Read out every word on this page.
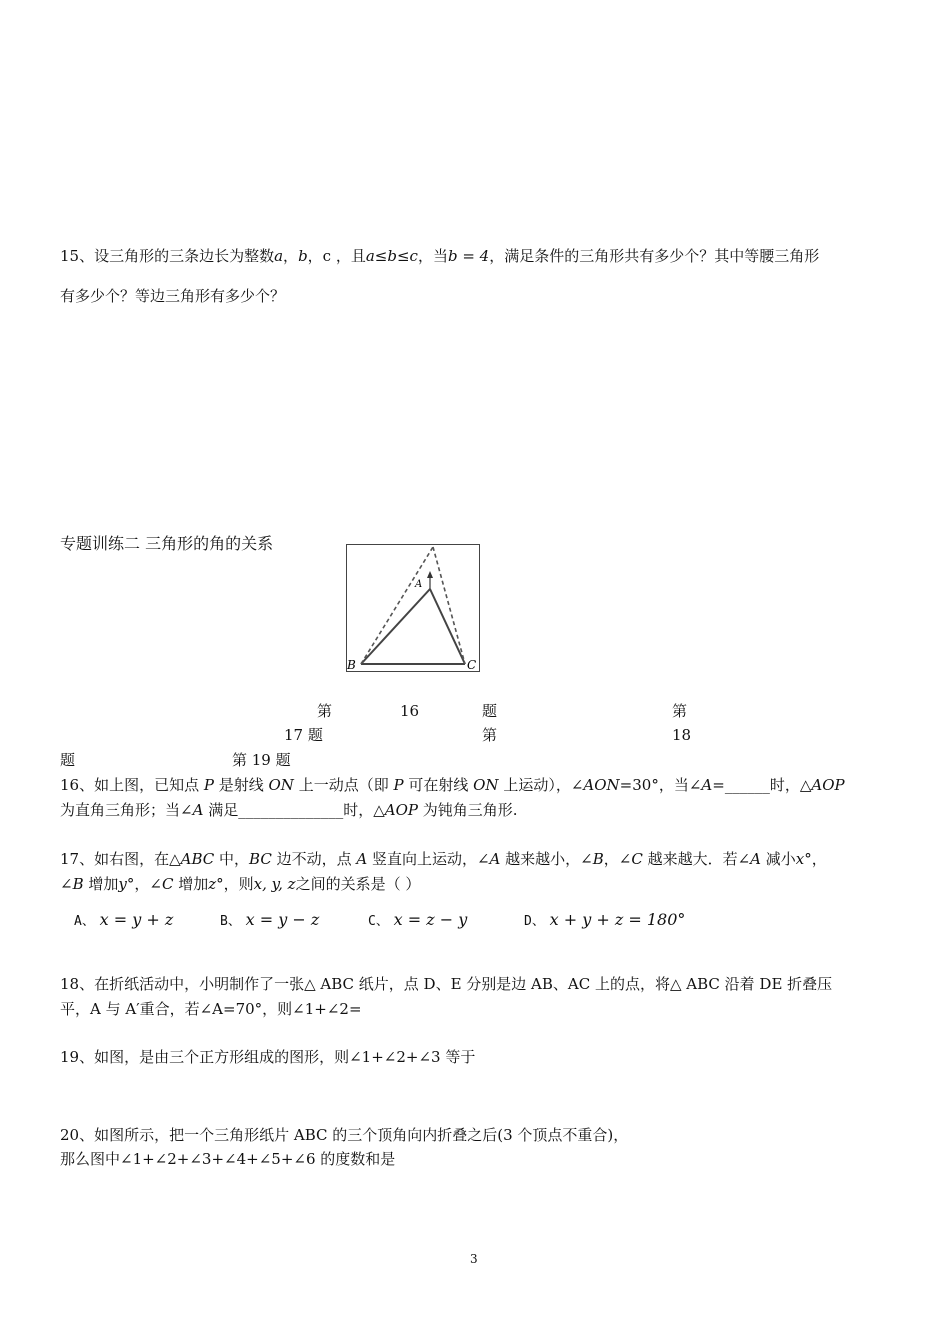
15、设三角形的三条边长为整数a，b，c ，且a≤b≤c，当b = 4，满足条件的三角形共有多少个？其中等腰三角形
有多少个？等边三角形有多少个？
专题训练二 三角形的角的关系
A
B	C
第	16	题	第
17 题	第	18
题	第 19 题
16、如上图，已知点 P 是射线 ON 上一动点（即 P 可在射线 ON 上运动），∠AON=30°，当∠A=______时，△AOP
为直角三角形；当∠A 满足______________时，△AOP 为钝角三角形.
17、如右图，在△ABC 中，BC 边不动，点 A 竖直向上运动，∠A 越来越小，∠B，∠C 越来越大．若∠A 减小x°，
∠B 增加y°，∠C 增加z°，则x, y, z之间的关系是（ ）
A、 x = y + z	B、 x = y − z	C、 x = z − y	D、 x + y + z = 180°
18、在折纸活动中，小明制作了一张△ ABC 纸片，点 D、E 分别是边 AB、AC 上的点，将△ ABC 沿着 DE 折叠压
平，A 与 A′重合，若∠A=70°，则∠1+∠2=
19、如图，是由三个正方形组成的图形，则∠1+∠2+∠3 等于
20、如图所示，把一个三角形纸片 ABC 的三个顶角向内折叠之后(3 个顶点不重合)，
那么图中∠1+∠2+∠3+∠4+∠5+∠6 的度数和是
3
